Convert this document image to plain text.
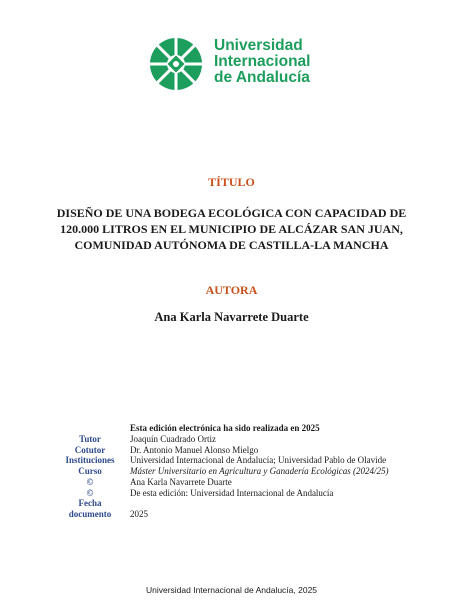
Universidad
Internacional
de Andalucía
TÍTULO
DISEÑO DE UNA BODEGA ECOLÓGICA CON CAPACIDAD DE
120.000 LITROS EN EL MUNICIPIO DE ALCÁZAR SAN JUAN,
COMUNIDAD AUTÓNOMA DE CASTILLA-LA MANCHA
AUTORA
Ana Karla Navarrete Duarte
Esta edición electrónica ha sido realizada en 2025
Tutor	Joaquín Cuadrado Ortiz
Cotutor	Dr. Antonio Manuel Alonso Mielgo
Instituciones	Universidad Internacional de Andalucía; Universidad Pablo de Olavide
Curso	Máster Universitario en Agricultura y Ganadería Ecológicas (2024/25)
©	Ana Karla Navarrete Duarte
©	De esta edición: Universidad Internacional de Andalucía
Fecha
documento	2025
Universidad Internacional de Andalucía, 2025
